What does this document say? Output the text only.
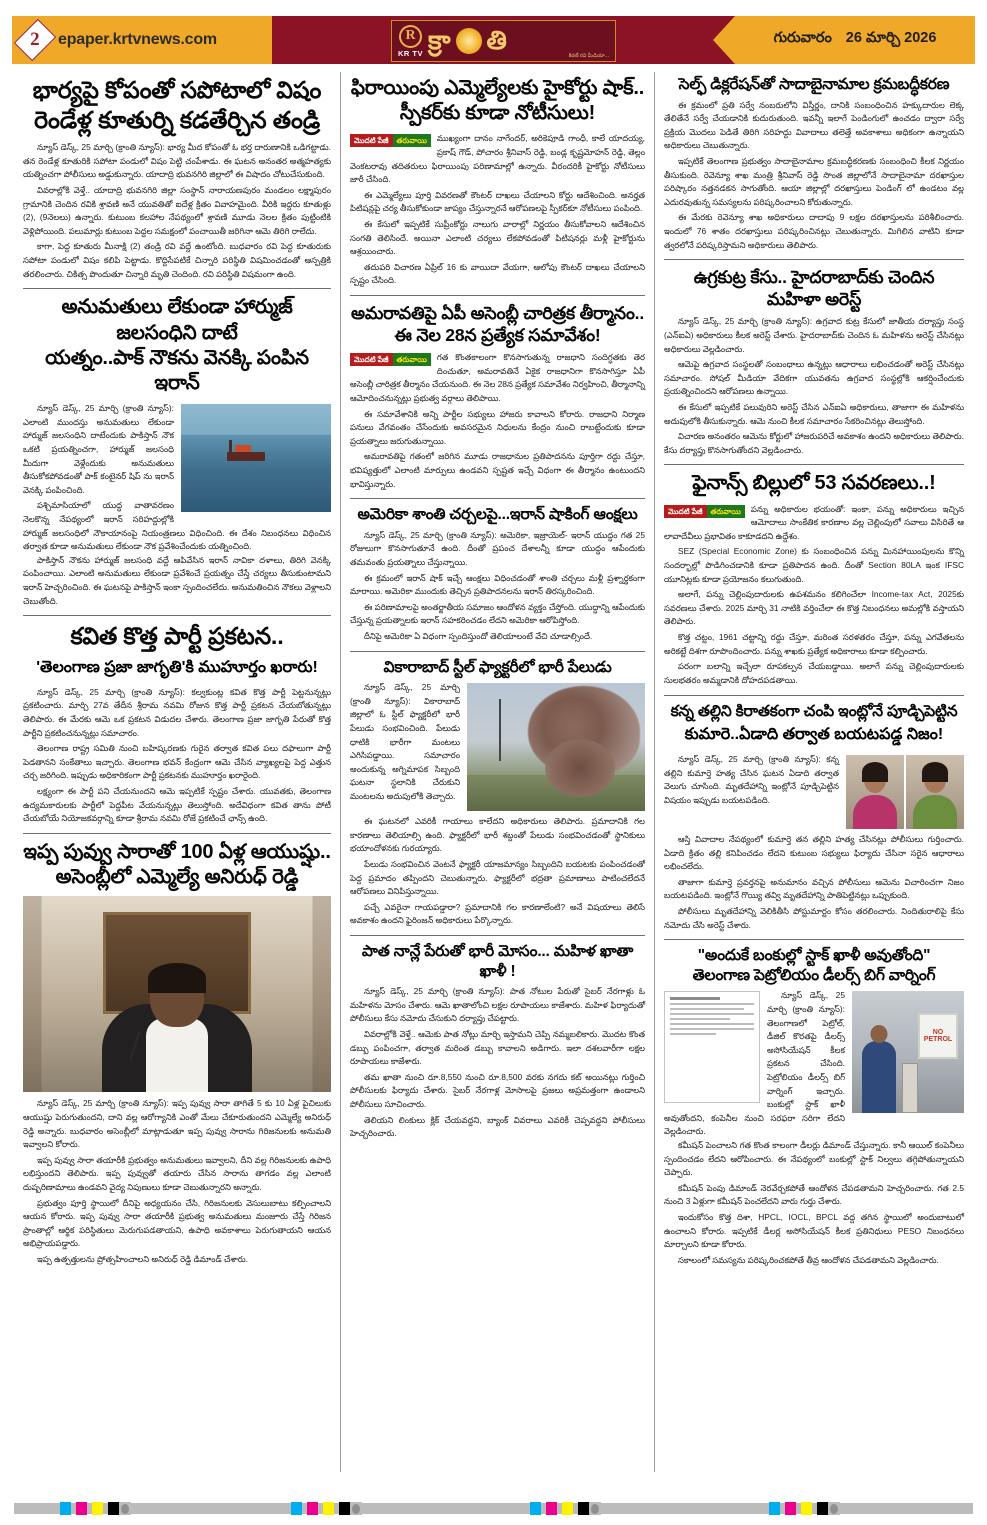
2 epaper.krtvnews.com	R
KR TV క్రా తి
కిరణ్ రవి మీడియా...
గురువారం 26 మార్చి 2026
భార్యపై కోపంతో సపోటాలో విషం
రెండేళ్ల కూతుర్ని కడతేర్చిన తండ్రి

న్యూస్ డెస్క్, 25 మార్చి (క్రాంతి న్యూస్): భార్య మీద కోపంతో ఓ భర్త దారుణానికి ఒడిగట్టాడు. తన రెండేళ్ల కూతురికి సపోటా పండులో విషం పెట్టి చంపేశాడు. ఈ ఘటన అనంతర అత్మహత్యకు యత్నించగా పోలీసులు అడ్డుకున్నారు. యాదాద్రి భువనగిరి జిల్లాలో ఈ విషాదం చోటుచేసుకుంది.

వివరాల్లోకి వెళ్తే.. యాదాద్రి భువనగిరి జిల్లా సంస్థాన్ నారాయణపురం మండలం లక్ష్మాపురం గ్రామానికి చెందిన రవికి శ్రావణి అనే యువతితో ఐదేళ్ల క్రితం వివాహమైంది. వీరికి ఇద్దరు కూతుళ్లు (2), (9నెలలు) ఉన్నారు. కుటుంబ కలహాల నేపథ్యంలో శ్రావణి మూడు నెలల క్రితం పుట్టింటికి వెళ్లిపోయింది. పలుమార్లు కుటుంబ పెద్దల సమక్షంలో పంచాయితీ జరిగినా ఆమె తిరిగి రాలేదు.

కాగా, పెద్ద కూతురు మీనాక్షి (2) తండ్రి రవి వద్దే ఉంటోంది. బుధవారం రవి పెద్ద కూతురుకు సపోటా పండులో విషం కలిపి పెట్టాడు. కొద్దిసేపటికే చిన్నారి పరిస్థితి విషమించడంతో ఆస్పత్రికి తరలించారు. చికిత్స పొందుతూ చిన్నారి మృతి చెందింది. రవి పరిస్థితి విషమంగా ఉంది.

అనుమతులు లేకుండా హార్ముజ్ జలసంధిని దాటే
యత్నం..పాక్ నౌకను వెనక్కి పంపిన ఇరాన్

న్యూస్ డెస్క్, 25 మార్చి (క్రాంతి న్యూస్): ఎలాంటి ముందస్తు అనుమతులు లేకుండా హార్ముజ్ జలసంధిని దాటేందుకు పాకిస్తాన్ నౌక ఒకటి ప్రయత్నించగా, హార్ముజ్ జలసంధి మీదుగా వెళ్లేందుకు అనుమతులు తీసుకోకపోవడంతో పాక్ కంటైనర్ షిప్ ను ఇరాన్ వెనక్కి పంపించింది.

పశ్చిమాసియాలో యుద్ధ వాతావరణం నెలకొన్న నేపథ్యంలో ఇరాన్ సరిహద్దుల్లోకి హార్ముజ్ జలసంధిలో నౌకాయానంపై నియంత్రణలు విధించింది. ఈ దేశం నిబంధనలు విధించిన తర్వాత కూడా అనుమతులు లేకుండా నౌక ప్రవేశించేందుకు యత్నించింది.

పాకిస్తాన్ నౌకను హార్ముజ్ జలసంధి వద్దే ఆపివేసిన ఇరాన్ నావికా దళాలు, తిరిగి వెనక్కి పంపించాయి. ఎలాంటి అనుమతులు లేకుండా ప్రవేశించే ప్రయత్నం చేస్తే చర్యలు తీసుకుంటామని ఇరాన్ హెచ్చరించింది. ఈ ఘటనపై పాకిస్తాన్ ఇంకా స్పందించలేదు. అనుమతించిన నౌకలు వెళ్లాలని చెబుతోంది.

కవిత కొత్త పార్టీ ప్రకటన..
'తెలంగాణ ప్రజా జాగృతి'కి ముహూర్తం ఖరారు!

న్యూస్ డెస్క్, 25 మార్చి (క్రాంతి న్యూస్): కల్వకుంట్ల కవిత కొత్త పార్టీ పెట్టనున్నట్లు ప్రకటించారు. మార్చి 27వ తేదీన శ్రీరామ నవమి రోజున కొత్త పార్టీ ప్రకటన చేయబోతున్నట్లు తెలిపారు. ఈ మేరకు ఆమె ఒక ప్రకటన విడుదల చేశారు. తెలంగాణ ప్రజా జాగృతి పేరుతో కొత్త పార్టీని ప్రకటించనున్నట్లు సమాచారం.

తెలంగాణ రాష్ట్ర సమితి నుంచి బహిష్కరణకు గురైన తర్వాత కవిత పలు దఫాలుగా పార్టీ పెడతానని సంకేతాలు ఇచ్చారు. తెలంగాణ భవన్ కేంద్రంగా ఆమె చేసిన వ్యాఖ్యలపై పెద్ద ఎత్తున చర్చ జరిగింది. ఇప్పుడు అధికారికంగా పార్టీ ప్రకటనకు ముహూర్తం ఖరారైంది.

లక్ష్యంగా ఈ పార్టీ పని చేయనుందని ఆమె ఇప్పటికే స్పష్టం చేశారు. యువతకు, తెలంగాణ ఉద్యమకారులకు పార్టీలో పెద్దపీట వేయనున్నట్లు తెలుస్తోంది. అదేవిధంగా కవిత తాను పోటీ చేయబోయే నియోజకవర్గాన్ని కూడా శ్రీరామ నవమి రోజే ప్రకటించే ఛాన్స్ ఉంది.

ఇప్ప పువ్వు సారాతో 100 ఏళ్ల ఆయుష్షు..
అసెంబ్లీలో ఎమ్మెల్యే అనిరుధ్ రెడ్డి

న్యూస్ డెస్క్, 25 మార్చి (క్రాంతి న్యూస్): ఇప్ప పువ్వు సారా తాగితే 5 కు 10 ఏళ్ల పైచిలుకు ఆయుష్షు పెరుగుతుందని, దాని వల్ల ఆరోగ్యానికి ఎంతో మేలు చేకూరుతుందని ఎమ్మెల్యే అనిరుధ్ రెడ్డి అన్నారు. బుధవారం అసెంబ్లీలో మాట్లాడుతూ ఇప్ప పువ్వు సారాను గిరిజనులకు అనుమతి ఇవ్వాలని కోరారు.

ఇప్ప పువ్వు సారా తయారీకి ప్రభుత్వం అనుమతులు ఇవ్వాలని, దీని వల్ల గిరిజనులకు ఉపాధి లభిస్తుందని తెలిపారు. ఇప్ప పువ్వుతో తయారు చేసిన సారాను తాగడం వల్ల ఎలాంటి దుష్పరిణామాలు ఉండవని వైద్య నిపుణులు కూడా చెబుతున్నారని అన్నారు.

ప్రభుత్వం పూర్తి స్థాయిలో దీనిపై అధ్యయనం చేసి, గిరిజనులకు వెసులుబాటు కల్పించాలని ఆయన కోరారు. ఇప్ప పువ్వు సారా తయారీకి ప్రభుత్వ అనుమతులు మంజూరు చేస్తే గిరిజన ప్రాంతాల్లో ఆర్థిక పరిస్థితులు మెరుగుపడతాయని, ఉపాధి అవకాశాలు పెరుగుతాయని ఆయన అభిప్రాయపడ్డారు.

ఇప్ప ఉత్పత్తులను ప్రోత్సహించాలని అనిరుధ్ రెడ్డి డిమాండ్ చేశారు.

ఫిరాయింపు ఎమ్మెల్యేలకు హైకోర్టు షాక్..
స్పీకర్‌కు కూడా నోటీసులు!
మొదటి పేజీ	తరువాయి	ముఖ్యంగా దానం నాగేందర్, అరికెపూడి గాంధీ, కాలే యాదయ్య, ప్రకాష్ గౌడ్, పోచారం శ్రీనివాస్ రెడ్డి, బండ్ల కృష్ణమోహన్ రెడ్డి, తెల్లం వెంకటరావు తదితరులు ఫిరాయింపు పరిణామాల్లో ఉన్నారు. వీరందరికీ హైకోర్టు నోటీసులు జారీ చేసింది.

ఈ ఎమ్మెల్యేలు పూర్తి వివరణతో కౌంటర్ దాఖలు చేయాలని కోర్టు ఆదేశించింది. అనర్హత పిటిషన్లపై చర్య తీసుకోకుండా జాప్యం చేస్తున్నారనే ఆరోపణలపై స్పీకర్‌కూ నోటీసులు పంపింది.

ఈ కేసులో ఇప్పటికే సుప్రీంకోర్టు నాలుగు వారాల్లో నిర్ణయం తీసుకోవాలని ఆదేశించిన సంగతి తెలిసిందే. అయినా ఎలాంటి చర్యలు లేకపోవడంతో పిటిషనర్లు మళ్లీ హైకోర్టును ఆశ్రయించారు.

తదుపరి విచారణ ఏప్రిల్ 16 కు వాయిదా వేయగా, ఆలోపు కౌంటర్ దాఖలు చేయాలని స్పష్టం చేసింది.

అమరావతిపై ఏపీ అసెంబ్లీ చారిత్రక తీర్మానం..
ఈ నెల 28న ప్రత్యేక సమావేశం!
మొదటి పేజీ	తరువాయి	గత కొంతకాలంగా కొనసాగుతున్న రాజధాని సందిగ్ధతకు తెర దించుతూ, అమరావతినే ఏకైక రాజధానిగా కొనసాగిస్తూ ఏపీ అసెంబ్లీ చారిత్రక తీర్మానం చేయనుంది. ఈ నెల 28న ప్రత్యేక సమావేశం నిర్వహించి, తీర్మానాన్ని ఆమోదించనున్నట్లు ప్రభుత్వ వర్గాలు తెలిపాయి.

ఈ సమావేశానికి అన్ని పార్టీల సభ్యులు హాజరు కావాలని కోరారు. రాజధాని నిర్మాణ పనులు వేగవంతం చేసేందుకు అవసరమైన నిధులను కేంద్రం నుంచి రాబట్టేందుకు కూడా ప్రయత్నాలు జరుగుతున్నాయి.

అమరావతిపై గతంలో జరిగిన మూడు రాజధానుల ప్రతిపాదనను పూర్తిగా రద్దు చేస్తూ, భవిష్యత్తులో ఎలాంటి మార్పులు ఉండవని స్పష్టత ఇచ్చే విధంగా ఈ తీర్మానం ఉంటుందని భావిస్తున్నారు.

అమెరికా శాంతి చర్చలపై...ఇరాన్ షాకింగ్ ఆంక్షలు

న్యూస్ డెస్క్, 25 మార్చి (క్రాంతి న్యూస్): అమెరికా, ఇజ్రాయెల్- ఇరాన్ యుద్ధం గత 25 రోజులుగా కొనసాగుతూనే ఉంది. దీంతో ప్రపంచ దేశాలన్నీ కూడా యుద్ధం ఆపేందుకు తమవంతు ప్రయత్నాలు చేస్తున్నాయి.

ఈ క్రమంలో ఇరాన్ షాక్ ఇచ్చే ఆంక్షలు విధించడంతో శాంతి చర్చలు మళ్లీ ప్రశ్నార్థకంగా మారాయి. అమెరికా ముందుకు తెచ్చిన ప్రతిపాదనలను ఇరాన్ తిరస్కరించింది.

ఈ పరిణామాలపై అంతర్జాతీయ సమాజం ఆందోళన వ్యక్తం చేస్తోంది. యుద్ధాన్ని ఆపేందుకు చేస్తున్న ప్రయత్నాలకు ఇరాన్ సహకరించడం లేదని అమెరికా ఆరోపిస్తోంది.

దీనిపై అమెరికా ఏ విధంగా స్పందిస్తుందో తెలియాలంటే వేచి చూడాల్సిందే.

వికారాబాద్ స్టీల్ ఫ్యాక్టరీలో భారీ పేలుడు

న్యూస్ డెస్క్, 25 మార్చి (క్రాంతి న్యూస్): వికారాబాద్ జిల్లాలో ఓ స్టీల్ ఫ్యాక్టరీలో భారీ పేలుడు సంభవించింది. పేలుడు ధాటికి భారీగా మంటలు ఎగిసిపడ్డాయి. సమాచారం అందుకున్న అగ్నిమాపక సిబ్బంది ఘటనా స్థలానికి చేరుకుని మంటలను అదుపులోకి తెచ్చారు.

ఈ ఘటనలో ఎవరికీ గాయాలు కాలేదని అధికారులు తెలిపారు. ప్రమాదానికి గల కారణాలు తెలియాల్సి ఉంది. ఫ్యాక్టరీలో భారీ శబ్దంతో పేలుడు సంభవించడంతో స్థానికులు భయాందోళనకు గురయ్యారు.

పేలుడు సంభవించిన వెంటనే ఫ్యాక్టరీ యాజమాన్యం సిబ్బందిని బయటకు పంపించడంతో పెద్ద ప్రమాదం తప్పిందని చెబుతున్నారు. ఫ్యాక్టరీలో భద్రతా ప్రమాణాలు పాటించలేదనే ఆరోపణలు వినిపిస్తున్నాయి.

పచ్చే ఎవరైనా గాయపడ్డారా? ప్రమాదానికి గల కారణాలేంటి? అనే విషయాలు తెలిసే అవకాశం ఉందని ఫైరింజన్ అధికారులు పేర్కొన్నారు.

పాత నాన్లే పేరుతో భారీ మోసం... మహిళ ఖాతా ఖాళీ !

న్యూస్ డెస్క్, 25 మార్చి (క్రాంతి న్యూస్): పాత నోటుల పేరుతో సైబర్ నేరగాళ్లు ఓ మహిళను మోసం చేశారు. ఆమె ఖాతాలోంచి లక్షల రూపాయలు కాజేశారు. మహిళ ఫిర్యాదుతో పోలీసులు కేసు నమోదు చేసుకుని దర్యాప్తు చేపట్టారు.

వివరాల్లోకి వెళ్తే.. ఆమెకు పాత నోట్లు మార్చి ఇస్తామని చెప్పి నమ్మబలికారు. మొదట కొంత డబ్బు పంపించగా, తర్వాత మరింత డబ్బు కావాలని అడిగారు. ఇలా దశలవారీగా లక్షల రూపాయలు కాజేశారు.

తమ ఖాతా నుంచి రూ.8,550 నుంచి రూ.8,500 వరకు నగదు కట్ అయినట్లు గుర్తించి పోలీసులకు ఫిర్యాదు చేశారు. సైబర్ నేరగాళ్ల మోసాలపై ప్రజలు అప్రమత్తంగా ఉండాలని పోలీసులు సూచించారు.

తెలియని లింకులు క్లిక్ చేయవద్దని, బ్యాంక్ వివరాలు ఎవరికీ చెప్పవద్దని పోలీసులు హెచ్చరించారు.

సెల్ఫ్ డిక్లరేషన్‌తో సాదాబైనామాల క్రమబద్ధీకరణ

ఈ క్రమంలో ప్రతి సర్వే నంబరులోని విస్తీర్ణం, దానికి సంబంధించిన హక్కుదారుల లెక్క తేలితేనే సర్వే చేయడానికి కుదురుతుంది. ఇవన్నీ ఇలాగే పెండింగులో ఉంచడం ద్వారా సర్వే ప్రక్రియ మొదలు పెడితే తిరిగి సరిహద్దు వివాదాలు తలెత్తే అవకాశాలు అధికంగా ఉన్నాయని అధికారులు చెబుతున్నారు.

ఇప్పటికే తెలంగాణ ప్రభుత్వం సాదాబైనామాల క్రమబద్ధీకరణకు సంబంధించి కీలక నిర్ణయం తీసుకుంది. రెవెన్యూ శాఖ మంత్రి శ్రీనివాస్ రెడ్డి సొంత జిల్లాలోనే సాదాబైనామా దరఖాస్తుల పరిష్కారం నత్తనడకన సాగుతోంది. ఆయా జిల్లాల్లో దరఖాస్తులు పెండింగ్ లో ఉండటం వల్ల ఎదురవుతున్న సమస్యలను పరిష్కరించాలని కోరుతున్నారు.

ఈ మేరకు రెవెన్యూ శాఖ అధికారులు దాదాపు 9 లక్షల దరఖాస్తులను పరిశీలించారు. ఇందులో 76 శాతం దరఖాస్తులు పరిష్కరించినట్లు చెబుతున్నారు. మిగిలిన వాటిని కూడా త్వరలోనే పరిష్కరిస్తామని అధికారులు తెలిపారు.

ఉగ్రకుట్ర కేసు.. హైదరాబాద్‌కు చెందిన
మహిళా అరెస్ట్

న్యూస్ డెస్క్, 25 మార్చి (క్రాంతి న్యూస్): ఉగ్రవాద కుట్ర కేసులో జాతీయ దర్యాప్తు సంస్థ (ఎన్ఐఏ) అధికారులు కీలక అరెస్ట్ చేశారు. హైదరాబాద్‌కు చెందిన ఓ మహిళను అరెస్ట్ చేసినట్లు అధికారులు వెల్లడించారు.

ఆమెపై ఉగ్రవాద సంస్థలతో సంబంధాలు ఉన్నట్లు ఆధారాలు లభించడంతో అరెస్ట్ చేసినట్లు సమాచారం. సోషల్ మీడియా వేదికగా యువతను ఉగ్రవాద సంస్థల్లోకి ఆకర్షించేందుకు ప్రయత్నించిందని ఆరోపణలు ఉన్నాయి.

ఈ కేసులో ఇప్పటికే పలువురిని అరెస్ట్ చేసిన ఎన్ఐఏ అధికారులు, తాజాగా ఈ మహిళను అదుపులోకి తీసుకున్నారు. ఆమె నుంచి కీలక సమాచారం సేకరించినట్లు తెలుస్తోంది.

విచారణ అనంతరం ఆమెను కోర్టులో హాజరుపరిచే అవకాశం ఉందని అధికారులు తెలిపారు. కేసు దర్యాప్తు కొనసాగుతోందని వెల్లడించారు.

ఫైనాన్స్ బిల్లులో 53 సవరణలు..!
మొదటి పేజీ	తరువాయి	పన్ను అధికారుల భయంతో: ఇంకా, పన్ను అధికారులు ఇచ్చిన ఆమోదాలు సాంకేతిక కారణాల వల్ల చెల్లింపులో సవాలు విసిరితే ఆ లావాదేవీలు ప్రభావితం కాకూడదని ఉద్దేశం.

SEZ (Special Economic Zone) కు సంబంధించిన పన్ను మినహాయింపులను కొన్ని సందర్భాల్లో పొడిగించడానికి కూడా ప్రతిపాదన ఉంది. దీంతో Section 80LA ఇంక IFSC యూనిట్లకు కూడా ప్రయోజనం కలుగుతుంది.

అలాగే, పన్ను చెల్లింపుదారులకు ఉపశమనం కలిగించేలా Income-tax Act, 2025కు సవరణలు చేశారు. 2025 మార్చి 31 నాటికి వర్తించేలా ఈ కొత్త నిబంధనలు అమల్లోకి వస్తాయని తెలిపారు.

కొత్త చట్టం, 1961 చట్టాన్ని రద్దు చేస్తూ, మరింత సరళతరం చేస్తూ, పన్ను ఎగవేతలను అరికట్టే దిశగా రూపొందించారు. పన్ను శాఖకు ప్రత్యేక అధికారాలు కూడా కల్పించారు.

పరంగా బలాన్ని ఇచ్చేలా రూపకల్పన చేయబడ్డాయి. అలాగే పన్ను చెల్లింపుదారులకు సులభతరం అమ్మడానికి దోహదపడతాయి.

కన్న తల్లిని కిరాతకంగా చంపి ఇంట్లోనే పూడ్చిపెట్టిన
కుమారె..ఏడాది తర్వాత బయటపడ్డ నిజం!

న్యూస్ డెస్క్, 25 మార్చి (క్రాంతి న్యూస్): కన్న తల్లిని కుమార్తె హత్య చేసిన ఘటన ఏడాది తర్వాత వెలుగు చూసింది. మృతదేహాన్ని ఇంట్లోనే పూడ్చిపెట్టిన విషయం ఇప్పుడు బయటపడింది.

ఆస్తి వివాదాల నేపథ్యంలో కుమార్తె తన తల్లిని హత్య చేసినట్లు పోలీసులు గుర్తించారు. ఏడాది క్రితం తల్లి కనిపించడం లేదని కుటుంబ సభ్యులు ఫిర్యాదు చేసినా సరైన ఆధారాలు లభించలేదు.

తాజాగా కుమార్తె ప్రవర్తనపై అనుమానం వచ్చిన పోలీసులు ఆమెను విచారించగా నిజం బయటపడింది. ఇంట్లోనే గొయ్యి తవ్వి మృతదేహాన్ని పాతిపెట్టినట్లు ఒప్పుకుంది.

పోలీసులు మృతదేహాన్ని వెలికితీసి పోస్టుమార్టం కోసం తరలించారు. నిందితురాలిపై కేసు నమోదు చేసి అరెస్ట్ చేశారు.

"అందుకే బంకుల్లో స్టాక్ ఖాళీ అవుతోంది"
తెలంగాణ పెట్రోలియం డీలర్స్ బిగ్ వార్నింగ్
NO
PETROL

న్యూస్ డెస్క్, 25 మార్చి (క్రాంతి న్యూస్): తెలంగాణలో పెట్రోల్, డీజిల్ కొరతపై డీలర్స్ అసోసియేషన్ కీలక ప్రకటన చేసింది. పెట్రోలియం డీలర్స్ బిగ్ వార్నింగ్ ఇచ్చారు. బంకుల్లో స్టాక్ ఖాళీ అవుతోందని, కంపెనీల నుంచి సరఫరా సరిగా లేదని వెల్లడించారు.

కమీషన్ పెంచాలని గత కొంత కాలంగా డీలర్లు డిమాండ్ చేస్తున్నారు. కానీ ఆయిల్ కంపెనీలు స్పందించడం లేదని ఆరోపించారు. ఈ నేపథ్యంలో బంకుల్లో స్టాక్ నిల్వలు తగ్గిపోతున్నాయని చెప్పారు.

కమీషన్ పెంపు డిమాండ్ నెరవేర్చకపోతే ఆందోళన చేపడతామని హెచ్చరించారు. గత 2.5 నుంచి 3 ఏళ్లుగా కమీషన్ పెంచలేదని వారు గుర్తు చేశారు.

ఇందుకోసం కొత్త దిశా, HPCL, IOCL, BPCL వద్ద తగిన స్థాయిలో అందుబాటులో ఉంచాలని కోరారు. ఇప్పటికే డీలర్ల అసోసియేషన్ కీలక ప్రతినిధులు PESO నిబంధనలు మార్చాలని కూడా కోరారు.

సకాలంలో సమస్యను పరిష్కరించకపోతే తీవ్ర ఆందోళన చేపడతామని వెల్లడించారు.
